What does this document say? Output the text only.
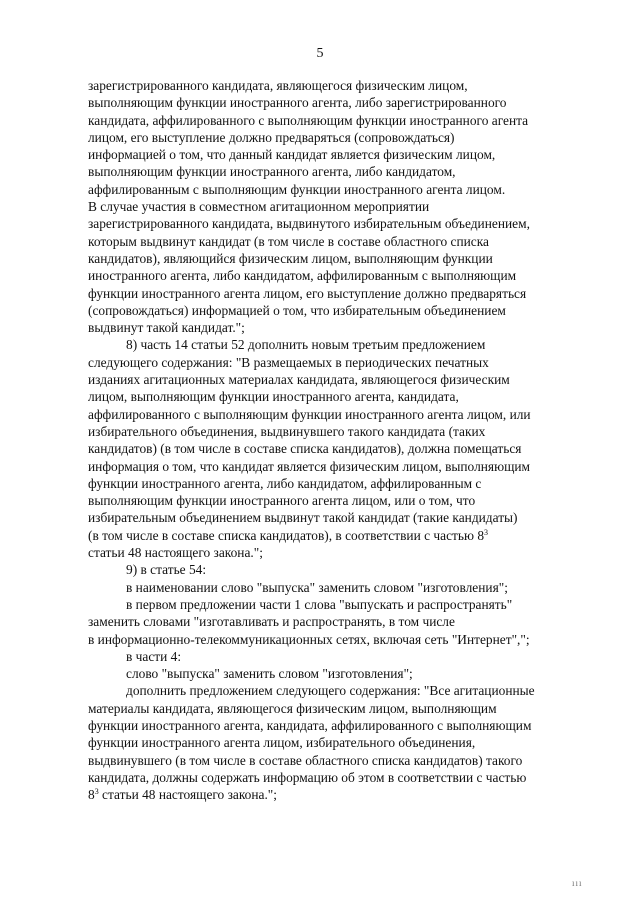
5
зарегистрированного кандидата, являющегося физическим лицом,
выполняющим функции иностранного агента, либо зарегистрированного
кандидата, аффилированного с выполняющим функции иностранного агента
лицом, его выступление должно предваряться (сопровождаться)
информацией о том, что данный кандидат является физическим лицом,
выполняющим функции иностранного агента, либо кандидатом,
аффилированным с выполняющим функции иностранного агента лицом.
В случае участия в совместном агитационном мероприятии
зарегистрированного кандидата, выдвинутого избирательным объединением,
которым выдвинут кандидат (в том числе в составе областного списка
кандидатов), являющийся физическим лицом, выполняющим функции
иностранного агента, либо кандидатом, аффилированным с выполняющим
функции иностранного агента лицом, его выступление должно предваряться
(сопровождаться) информацией о том, что избирательным объединением
выдвинут такой кандидат.";
8) часть 14 статьи 52 дополнить новым третьим предложением
следующего содержания: "В размещаемых в периодических печатных
изданиях агитационных материалах кандидата, являющегося физическим
лицом, выполняющим функции иностранного агента, кандидата,
аффилированного с выполняющим функции иностранного агента лицом, или
избирательного объединения, выдвинувшего такого кандидата (таких
кандидатов) (в том числе в составе списка кандидатов), должна помещаться
информация о том, что кандидат является физическим лицом, выполняющим
функции иностранного агента, либо кандидатом, аффилированным с
выполняющим функции иностранного агента лицом, или о том, что
избирательным объединением выдвинут такой кандидат (такие кандидаты)
(в том числе в составе списка кандидатов), в соответствии с частью $8^3$
статьи 48 настоящего закона.";
9) в статье 54:
в наименовании слово "выпуска" заменить словом "изготовления";
в первом предложении части 1 слова "выпускать и распространять"
заменить словами "изготавливать и распространять, в том числе
в информационно-телекоммуникационных сетях, включая сеть "Интернет",";
в части 4:
слово "выпуска" заменить словом "изготовления";
дополнить предложением следующего содержания: "Все агитационные
материалы кандидата, являющегося физическим лицом, выполняющим
функции иностранного агента, кандидата, аффилированного с выполняющим
функции иностранного агента лицом, избирательного объединения,
выдвинувшего (в том числе в составе областного списка кандидатов) такого
кандидата, должны содержать информацию об этом в соответствии с частью
$8^3$ статьи 48 настоящего закона.";
ııı
